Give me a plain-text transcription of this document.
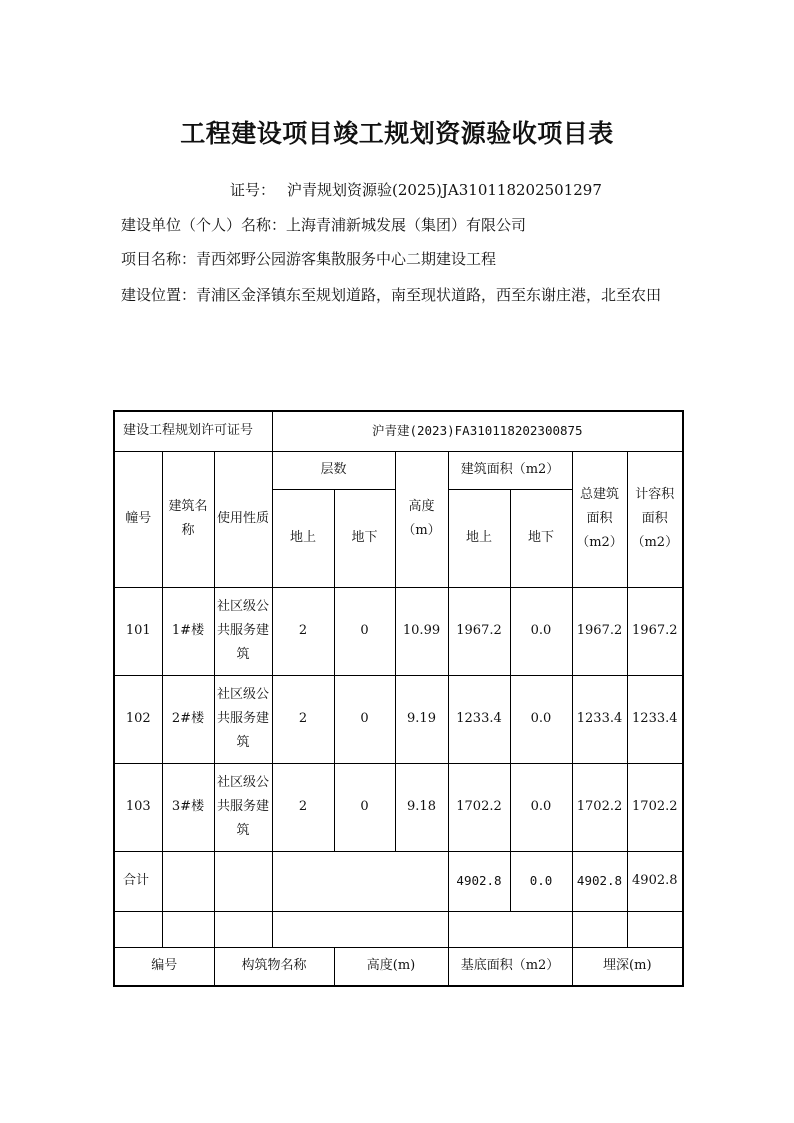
工程建设项目竣工规划资源验收项目表
证号： 沪青规划资源验(2025)JA310118202501297
建设单位（个人）名称：上海青浦新城发展（集团）有限公司
项目名称：青西郊野公园游客集散服务中心二期建设工程
建设位置：青浦区金泽镇东至规划道路，南至现状道路，西至东谢庄港，北至农田
建设工程规划许可证号			沪青建(2023)FA310118202300875						
幢号	建筑名称	使用性质	层数		高度（m）	建筑面积（m2）		总建筑面积（m2）	计容积面积（m2）
			地上	地下		地上	地下		
101	1#楼	社区级公共服务建筑	2	0	10.99	1967.2	0.0	1967.2	1967.2
102	2#楼	社区级公共服务建筑	2	0	9.19	1233.4	0.0	1233.4	1233.4
103	3#楼	社区级公共服务建筑	2	0	9.18	1702.2	0.0	1702.2	1702.2
合计						4902.8	0.0	4902.8	4902.8

编号		构筑物名称		高度(m)		基底面积（m2）		埋深(m)	
